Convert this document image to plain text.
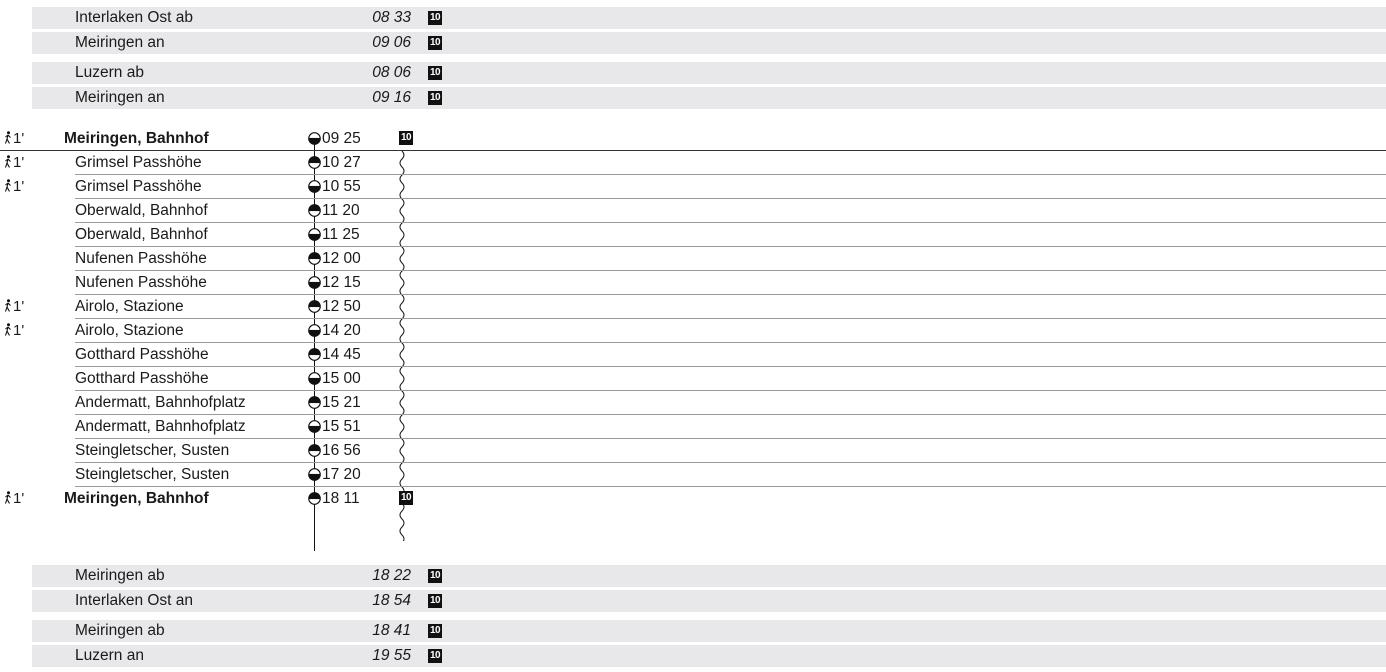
Interlaken Ost ab	08 33 10
Meiringen an	09 06 10
Luzern ab	08 06 10
Meiringen an	09 16 10
1'	Meiringen, Bahnhof	09 25	10
1'	Grimsel Passhöhe	10 27
1'	Grimsel Passhöhe	10 55
Oberwald, Bahnhof	11 20
Oberwald, Bahnhof	11 25
Nufenen Passhöhe	12 00
Nufenen Passhöhe	12 15
1'	Airolo, Stazione	12 50
1'	Airolo, Stazione	14 20
Gotthard Passhöhe	14 45
Gotthard Passhöhe	15 00
Andermatt, Bahnhofplatz	15 21
Andermatt, Bahnhofplatz	15 51
Steingletscher, Susten	16 56
Steingletscher, Susten	17 20
1'	Meiringen, Bahnhof	18 11	10
Meiringen ab	18 22 10
Interlaken Ost an	18 54 10
Meiringen ab	18 41 10
Luzern an	19 55 10
